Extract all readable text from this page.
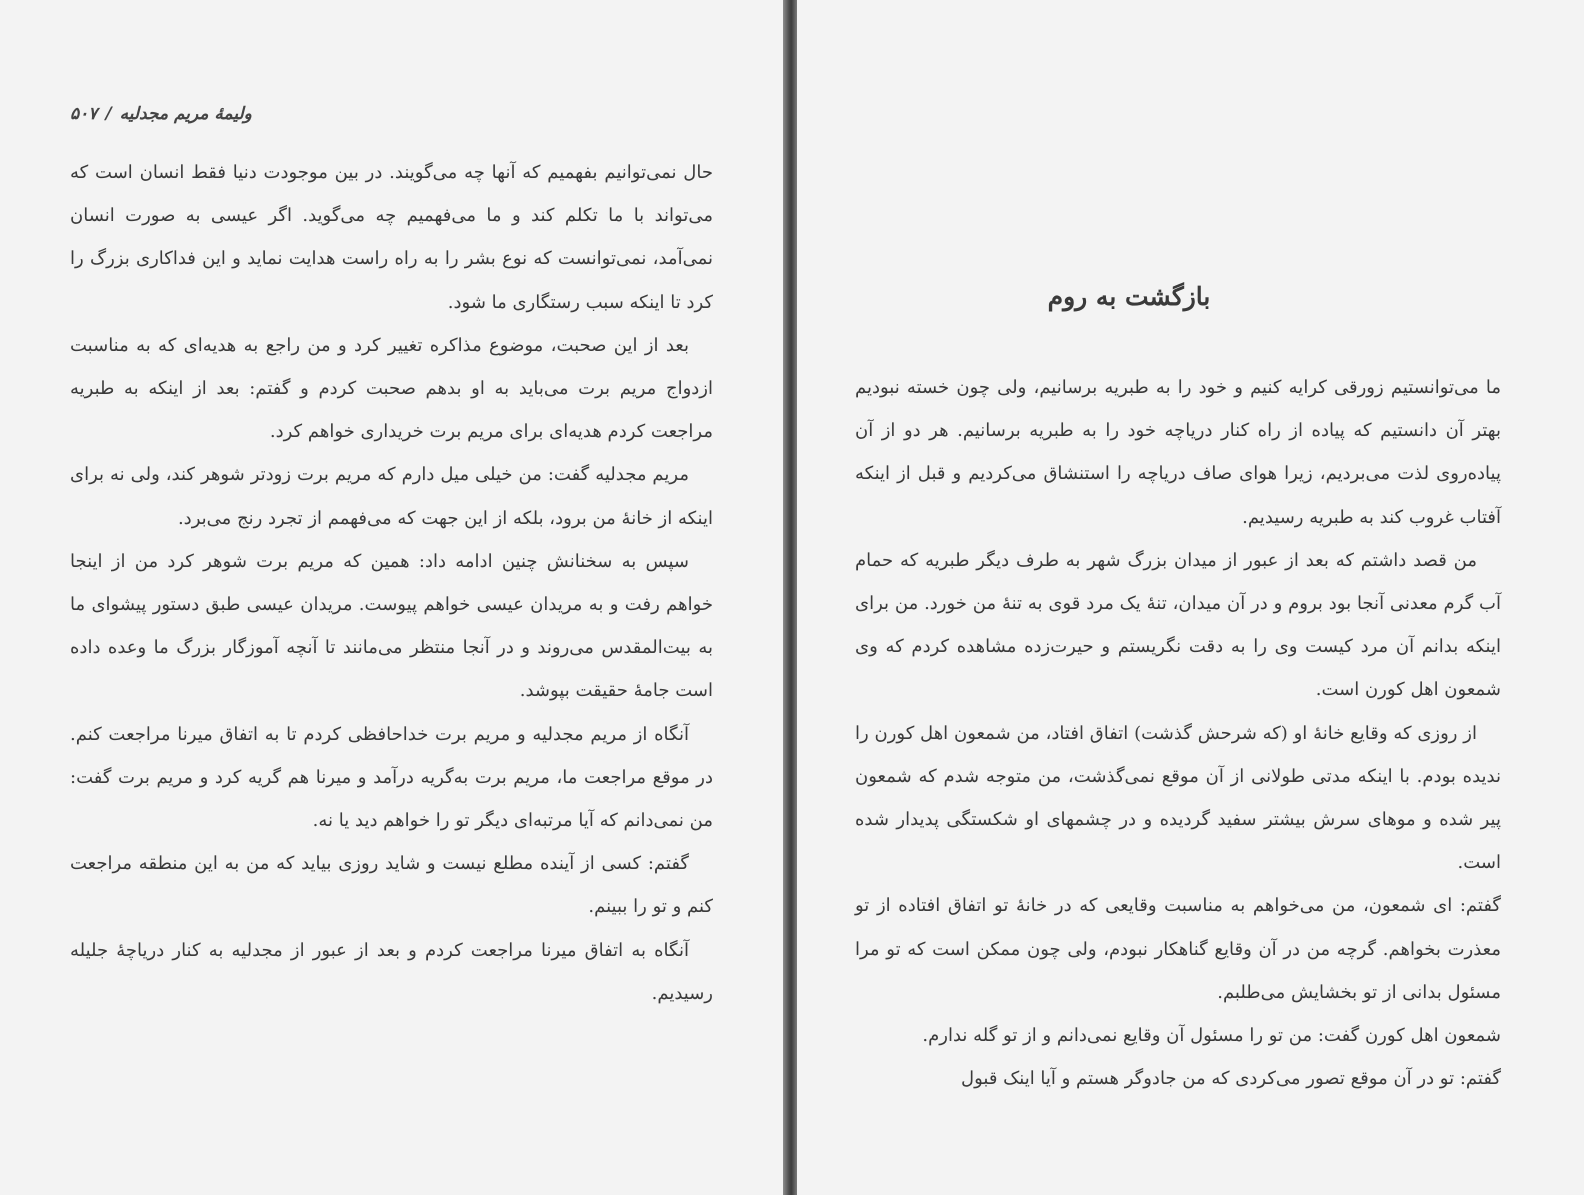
ولیمهٔ مریم مجدلیه/۵۰۷

حال نمی‌توانیم بفهمیم که آنها چه می‌گویند. در بین موجودت دنیا فقط انسان است که می‌تواند با ما تکلم کند و ما می‌فهمیم چه می‌گوید. اگر عیسی به صورت انسان نمی‌آمد، نمی‌توانست که نوع بشر را به راه راست هدایت نماید و این فداکاری بزرگ را کرد تا اینکه سبب رستگاری ما شود.

بعد از این صحبت، موضوع مذاکره تغییر کرد و من راجع به هدیه‌ای که به مناسبت ازدواج مریم برت می‌باید به او بدهم صحبت کردم و گفتم: بعد از اینکه به طبریه مراجعت کردم هدیه‌ای برای مریم برت خریداری خواهم کرد.

مریم مجدلیه گفت: من خیلی میل دارم که مریم برت زودتر شوهر کند، ولی نه برای اینکه از خانهٔ من برود، بلکه از این جهت که می‌فهمم از تجرد رنج می‌برد.

سپس به سخنانش چنین ادامه داد: همین که مریم برت شوهر کرد من از اینجا خواهم رفت و به مریدان عیسی خواهم پیوست. مریدان عیسی طبق دستور پیشوای ما به بیت‌المقدس می‌روند و در آنجا منتظر می‌مانند تا آنچه آموزگار بزرگ ما وعده داده است جامهٔ حقیقت بپوشد.

آنگاه از مریم مجدلیه و مریم برت خداحافظی کردم تا به اتفاق میرنا مراجعت کنم. در موقع مراجعت ما، مریم برت به‌گریه درآمد و میرنا هم گریه کرد و مریم برت گفت: من نمی‌دانم که آیا مرتبه‌ای دیگر تو را خواهم دید یا نه.

گفتم: کسی از آینده مطلع نیست و شاید روزی بیاید که من به این منطقه مراجعت کنم و تو را ببینم.

آنگاه به اتفاق میرنا مراجعت کردم و بعد از عبور از مجدلیه به کنار دریاچهٔ جلیله رسیدیم.

بازگشت به روم

ما می‌توانستیم زورقی کرایه کنیم و خود را به طبریه برسانیم، ولی چون خسته نبودیم بهتر آن دانستیم که پیاده از راه کنار دریاچه خود را به طبریه برسانیم. هر دو از آن پیاده‌روی لذت می‌بردیم، زیرا هوای صاف دریاچه را استنشاق می‌کردیم و قبل از اینکه آفتاب غروب کند به طبریه رسیدیم.

من قصد داشتم که بعد از عبور از میدان بزرگ شهر به طرف دیگر طبریه که حمام آب گرم معدنی آنجا بود بروم و در آن میدان، تنهٔ یک مرد قوی به تنهٔ من خورد. من برای اینکه بدانم آن مرد کیست وی را به دقت نگریستم و حیرت‌زده مشاهده کردم که وی شمعون اهل کورن است.

از روزی که وقایع خانهٔ او (که شرحش گذشت) اتفاق افتاد، من شمعون اهل کورن را ندیده بودم. با اینکه مدتی طولانی از آن موقع نمی‌گذشت، من متوجه شدم که شمعون پیر شده و موهای سرش بیشتر سفید گردیده و در چشمهای او شکستگی پدیدار شده است.

گفتم: ای شمعون، من می‌خواهم به مناسبت وقایعی که در خانهٔ تو اتفاق افتاده از تو معذرت بخواهم. گرچه من در آن وقایع گناهکار نبودم، ولی چون ممکن است که تو مرا مسئول بدانی از تو بخشایش می‌طلبم.

شمعون اهل کورن گفت: من تو را مسئول آن وقایع نمی‌دانم و از تو گله ندارم.

گفتم: تو در آن موقع تصور می‌کردی که من جادوگر هستم و آیا اینک قبول
